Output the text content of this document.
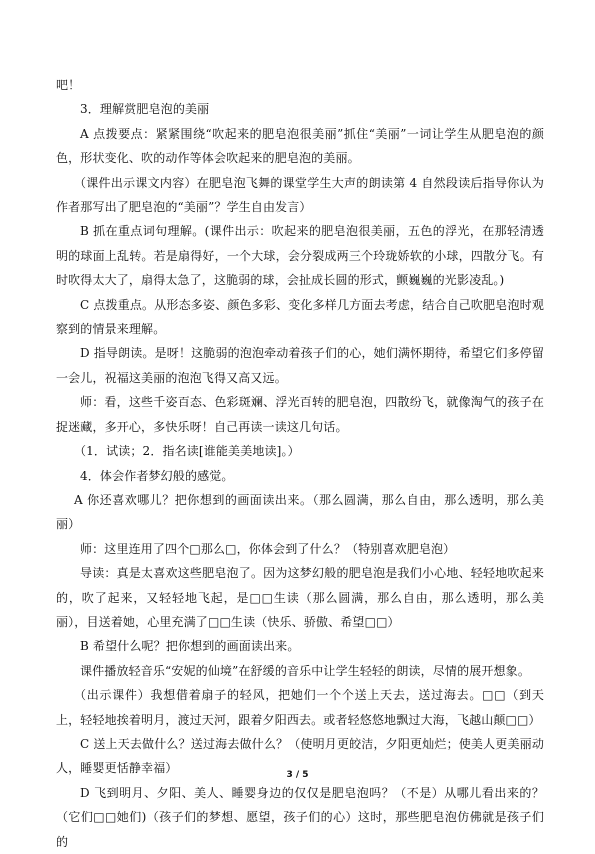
吧！

3．理解赏肥皂泡的美丽

A 点拨要点：紧紧围绕“吹起来的肥皂泡很美丽”抓住“美丽”一词让学生从肥皂泡的颜色，形状变化、吹的动作等体会吹起来的肥皂泡的美丽。

（课件出示课文内容）在肥皂泡飞舞的课堂学生大声的朗读第 4 自然段读后指导你认为作者那写出了肥皂泡的“美丽”？学生自由发言）

B 抓在重点词句理解。(课件出示：吹起来的肥皂泡很美丽，五色的浮光，在那轻清透明的球面上乱转。若是扇得好，一个大球，会分裂成两三个玲珑娇软的小球，四散分飞。有时吹得太大了，扇得太急了，这脆弱的球，会扯成长圆的形式，颤巍巍的光影凌乱。)

C 点拨重点。从形态多姿、颜色多彩、变化多样几方面去考虑，结合自己吹肥皂泡时观察到的情景来理解。

D 指导朗读。是呀！这脆弱的泡泡牵动着孩子们的心，她们满怀期待，希望它们多停留一会儿，祝福这美丽的泡泡飞得又高又远。

师：看，这些千姿百态、色彩斑斓、浮光百转的肥皂泡，四散纷飞，就像淘气的孩子在捉迷藏，多开心，多快乐呀！自己再读一读这几句话。

（1．试读；2．指名读[谁能美美地读]。）

4．体会作者梦幻般的感觉。

A 你还喜欢哪儿？把你想到的画面读出来。（那么圆满，那么自由，那么透明，那么美丽）

师：这里连用了四个□那么□，你体会到了什么？（特别喜欢肥皂泡）

导读：真是太喜欢这些肥皂泡了。因为这梦幻般的肥皂泡是我们小心地、轻轻地吹起来的，吹了起来，又轻轻地飞起，是□□生读（那么圆满，那么自由，那么透明，那么美丽），目送着她，心里充满了□□生读（快乐、骄傲、希望□□）

B 希望什么呢？把你想到的画面读出来。

课件播放轻音乐“安妮的仙境”在舒缓的音乐中让学生轻轻的朗读，尽情的展开想象。

（出示课件）我想借着扇子的轻风，把她们一个个送上天去，送过海去。□□（到天上，轻轻地挨着明月，渡过天河，跟着夕阳西去。或者轻悠悠地飘过大海，飞越山颠□□）

C 送上天去做什么？送过海去做什么？（使明月更皎洁，夕阳更灿烂；使美人更美丽动人，睡婴更恬静幸福）

D 飞到明月、夕阳、美人、睡婴身边的仅仅是肥皂泡吗？（不是）从哪儿看出来的？（它们□□她们)（孩子们的梦想、愿望，孩子们的心）这时，那些肥皂泡仿佛就是孩子们的

3 / 5
